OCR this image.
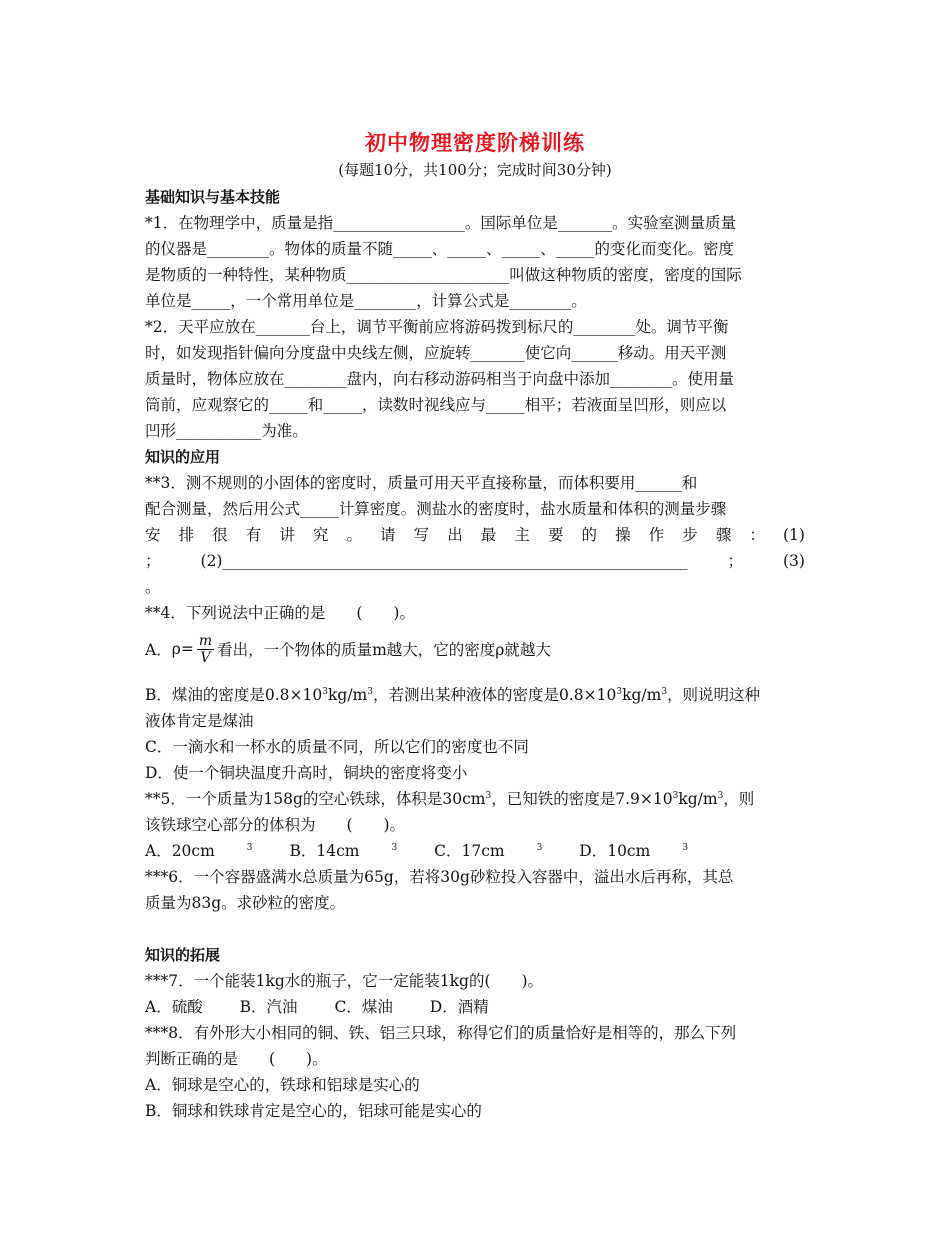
初中物理密度阶梯训练

(每题10分，共100分；完成时间30分钟)

基础知识与基本技能

*1．在物理学中，质量是指_________________。国际单位是_______。实验室测量质量

的仪器是________。物体的质量不随_____、_____、_____、_____的变化而变化。密度

是物质的一种特性，某种物质_____________________叫做这种物质的密度，密度的国际

单位是_____，一个常用单位是________，计算公式是________。

*2．天平应放在_______台上，调节平衡前应将游码拨到标尺的________处。调节平衡

时，如发现指针偏向分度盘中央线左侧，应旋转_______使它向______移动。用天平测

质量时，物体应放在________盘内，向右移动游码相当于向盘中添加________。使用量

筒前，应观察它的_____和_____，读数时视线应与_____相平；若液面呈凹形，则应以

凹形___________为准。

知识的应用

**3．测不规则的小固体的密度时，质量可用天平直接称量，而体积要用______和

配合测量，然后用公式_____计算密度。测盐水的密度时，盐水质量和体积的测量步骤

安 排 很 有 讲 究 。 请 写 出 最 主 要 的 操 作 步 骤 ： (1)
；	(2)____________________________________________________________	；	(3)

。

**4．下列说法中正确的是　　(　　)。

A． $\rho= \frac{m}{V}$ 看出，一个物体的质量m越大，它的密度ρ就越大

B．煤油的密度是$0.8\times 10^3kg/m^3$，若测出某种液体的密度是$0.8\times 10^3kg/m^3$，则说明这种

液体肯定是煤油

C．一滴水和一杯水的质量不同，所以它们的密度也不同

D．使一个铜块温度升高时，铜块的密度将变小

**5．一个质量为158g的空心铁球，体积是$30cm^3$，已知铁的密度是$7.9\times 10^3kg/m^3$，则

该铁球空心部分的体积为　　(　　)。

A．20cm	$^3$ B．14cm	$^3$ C．17cm	$^3$ D．10cm	$^3$

***6．一个容器盛满水总质量为65g，若将30g砂粒投入容器中，溢出水后再称，其总

质量为83g。求砂粒的密度。

知识的拓展

***7．一个能装1kg水的瓶子，它一定能装1kg的(　　)。

A．硫酸 B．汽油 C．煤油 D．酒精

***8．有外形大小相同的铜、铁、铝三只球，称得它们的质量恰好是相等的，那么下列

判断正确的是　　(　　)。

A．铜球是空心的，铁球和铝球是实心的

B．铜球和铁球肯定是空心的，铝球可能是实心的
